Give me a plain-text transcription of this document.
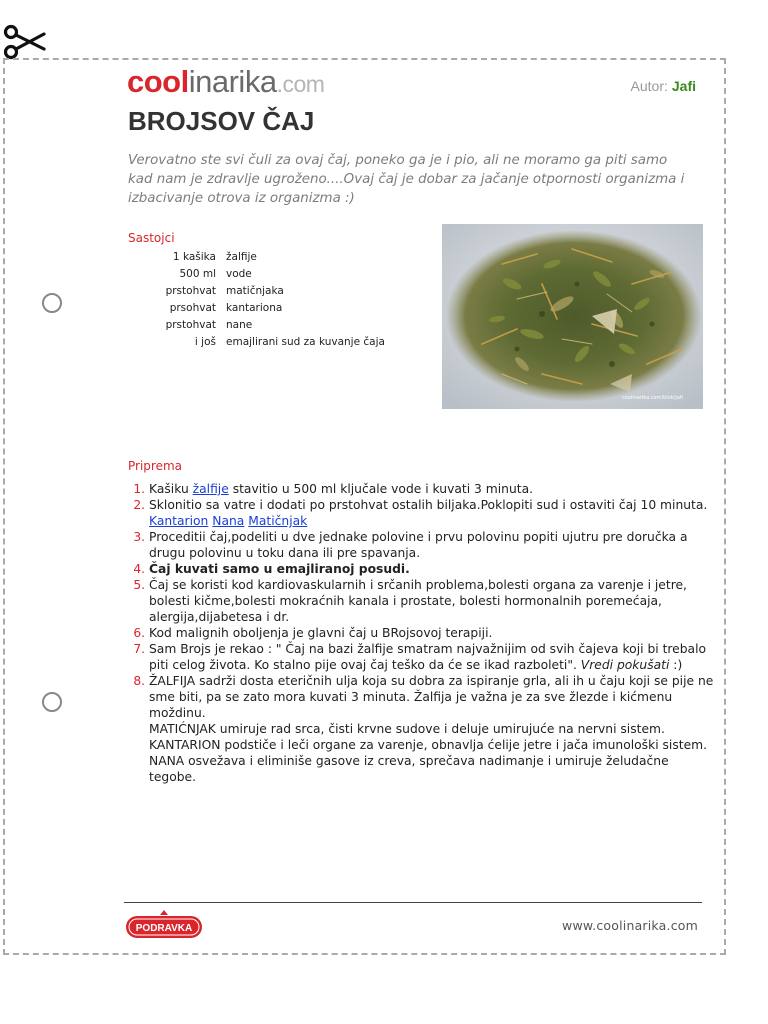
coolinarika.com	Autor: Jafi
BROJSOV ČAJ

Verovatno ste svi čuli za ovaj čaj, poneko ga je i pio, ali ne moramo ga piti samo kad nam je zdravlje ugroženo....Ovaj čaj je dobar za jačanje otpornosti organizma i izbacivanje otrova iz organizma :)

Sastojci
1 kašika	žalfije
500 ml	vode
prstohvat	matičnjaka
prsohvat	kantariona
prstohvat	nane
i još	emajlirani sud za kuvanje čaja
coolinarika.com/blok/jafi
Priprema
1. Kašiku žalfije stavitio u 500 ml ključale vode i kuvati 3 minuta.
2. Sklonitio sa vatre i dodati po prstohvat ostalih biljaka.Poklopiti sud i ostaviti čaj 10 minuta. Kantarion Nana Matičnjak
3. Proceditii čaj,podeliti u dve jednake polovine i prvu polovinu popiti ujutru pre doručka a drugu polovinu u toku dana ili pre spavanja.
4. Čaj kuvati samo u emajliranoj posudi.
5. Čaj se koristi kod kardiovaskularnih i srčanih problema,bolesti organa za varenje i jetre, bolesti kičme,bolesti mokraćnih kanala i prostate, bolesti hormonalnih poremećaja, alergija,dijabetesa i dr.
6. Kod malignih oboljenja je glavni čaj u BRojsovoj terapiji.
7. Sam Brojs je rekao : " Čaj na bazi žalfije smatram najvažnijim od svih čajeva koji bi trebalo piti celog života. Ko stalno pije ovaj čaj teško da će se ikad razboleti". Vredi pokušati :)
8. ŽALFIJA sadrži dosta eteričnih ulja koja su dobra za ispiranje grla, ali ih u čaju koji se pije ne sme biti, pa se zato mora kuvati 3 minuta. Žalfija je važna je za sve žlezde i kićmenu moždinu.
MATIĆNJAK umiruje rad srca, čisti krvne sudove i deluje umirujuće na nervni sistem.
KANTARION podstiče i leči organe za varenje, obnavlja ćelije jetre i jača imunološki sistem.
NANA osvežava i eliminiše gasove iz creva, sprečava nadimanje i umiruje želudačne tegobe.
PODRAVKA	www.coolinarika.com
